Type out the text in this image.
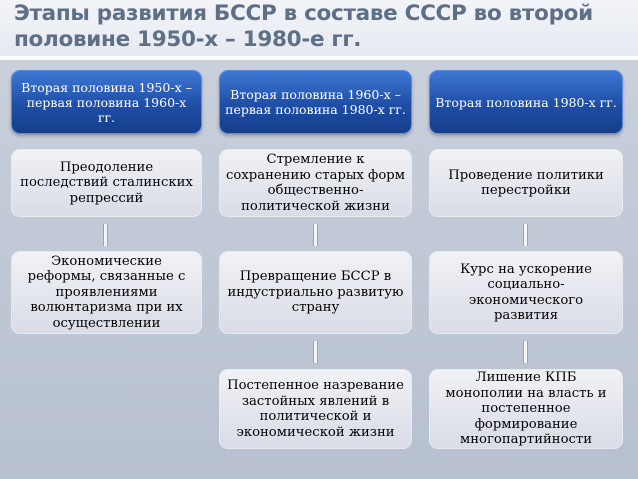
Этапы развития БССР в составе СССР во второй половине 1950-х – 1980-е гг.
Вторая половина 1950-х – первая половина 1960-х гг.
Преодоление последствий сталинских репрессий
Экономические реформы, связанные с проявлениями волюнтаризма при их осуществлении
Вторая половина 1960-х – первая половина 1980-х гг.
Стремление к сохранению старых форм общественно-политической жизни
Превращение БССР в индустриально развитую страну
Постепенное назревание застойных явлений в политической и экономической жизни
Вторая половина 1980-х гг.
Проведение политики перестройки
Курс на ускорение социально-экономического развития
Лишение КПБ монополии на власть и постепенное формирование многопартийности
